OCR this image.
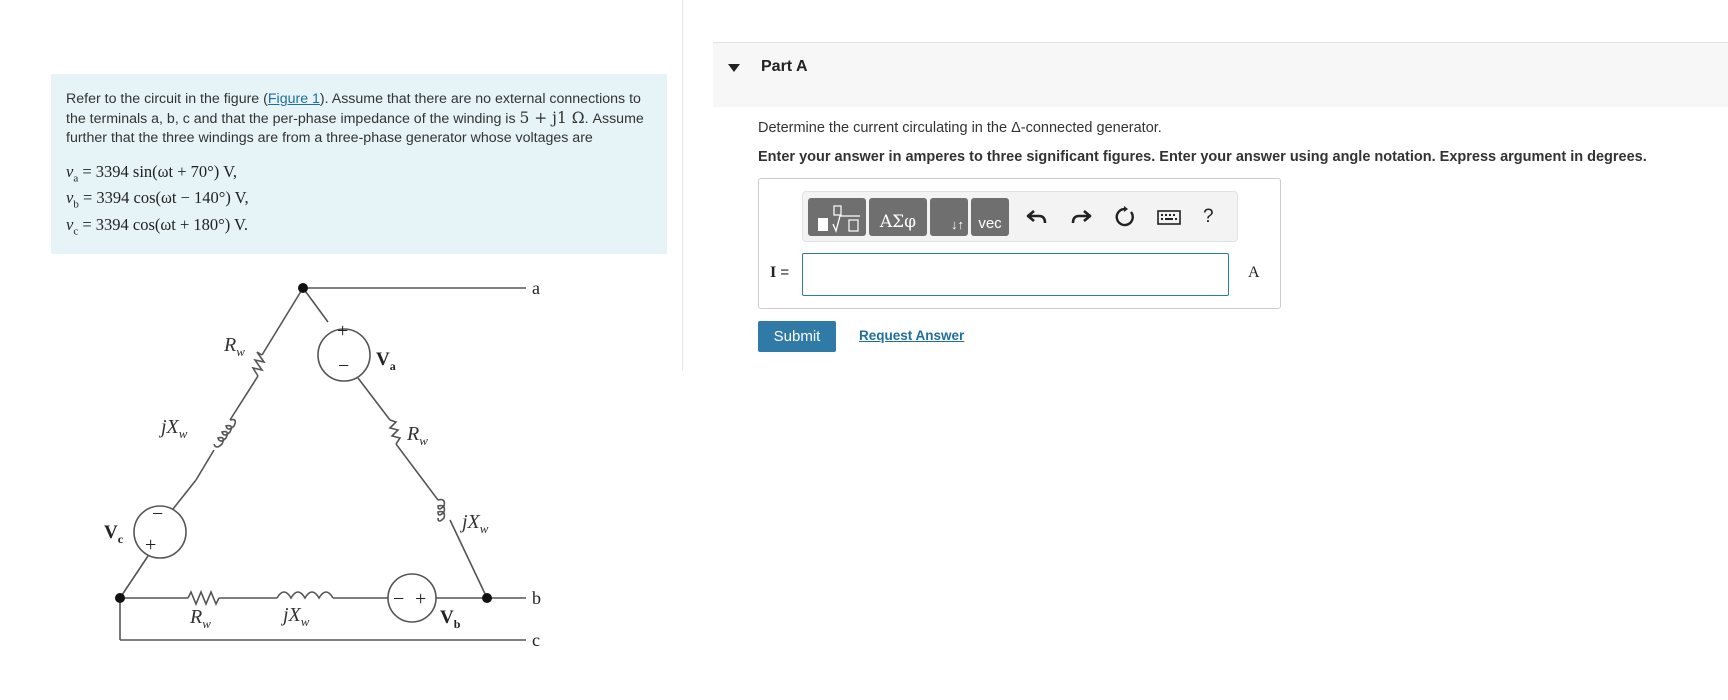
Refer to the circuit in the figure (Figure 1). Assume that there are no external connections to the terminals a, b, c and that the per-phase impedance of the winding is 5 + j1 Ω. Assume further that the three windings are from a three-phase generator whose voltages are

$v_a = 3394$ sin(ωt + 70°) V,
$v_b = 3394$ cos(ωt − 140°) V,
$v_c = 3394$ cos(ωt + 180°) V.
+
−
−
+
− +
a
b
c
$V_a$
$V_b$
$V_c$
$R_w$
$jX_w$	$R_w$
$jX_w$
$R_w$	$jX_w$
Part A
Determine the current circulating in the Δ-connected generator.
Enter your answer in amperes to three significant figures. Enter your answer using angle notation. Express argument in degrees.
ΑΣφ	↓↑ vec	?
I =	A
Submit	Request Answer
